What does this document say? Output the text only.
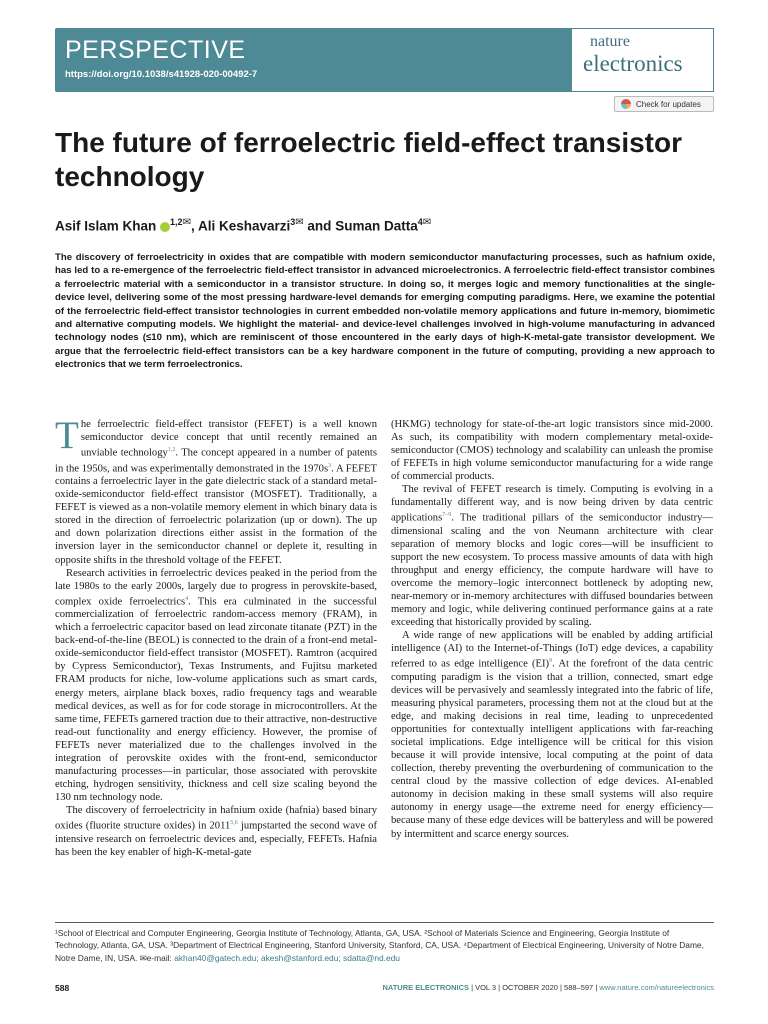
PERSPECTIVE
https://doi.org/10.1038/s41928-020-00492-7
nature
electronics
Check for updates
The future of ferroelectric field-effect transistor technology
Asif Islam Khan $^{1,2✉}$, Ali Keshavarzi$^{3✉}$ and Suman Datta$^{4✉}$

The discovery of ferroelectricity in oxides that are compatible with modern semiconductor manufacturing processes, such as hafnium oxide, has led to a re-emergence of the ferroelectric field-effect transistor in advanced microelectronics. A ferroelectric field-effect transistor combines a ferroelectric material with a semiconductor in a transistor structure. In doing so, it merges logic and memory functionalities at the single-device level, delivering some of the most pressing hardware-level demands for emerging computing paradigms. Here, we examine the potential of the ferroelectric field-effect transistor technologies in current embedded non-volatile memory applications and future in-memory, biomimetic and alternative computing models. We highlight the material- and device-level challenges involved in high-volume manufacturing in advanced technology nodes (≤10 nm), which are reminiscent of those encountered in the early days of high-K-metal-gate transistor development. We argue that the ferroelectric field-effect transistors can be a key hardware component in the future of computing, providing a new approach to electronics that we term ferroelectronics.

The ferroelectric field-effect transistor (FEFET) is a well known semiconductor device concept that until recently remained an unviable technology$^{1,2}$. The concept appeared in a number of patents in the 1950s, and was experimentally demonstrated in the $1970s^3$. A FEFET contains a ferroelectric layer in the gate dielectric stack of a standard metal-oxide-semiconductor field-effect transistor (MOSFET). Traditionally, a FEFET is viewed as a non-volatile memory element in which binary data is stored in the direction of ferroelectric polarization (up or down). The up and down polarization directions either assist in the formation of the inversion layer in the semiconductor channel or deplete it, resulting in opposite shifts in the threshold voltage of the FEFET.

Research activities in ferroelectric devices peaked in the period from the late 1980s to the early 2000s, largely due to progress in perovskite-based, complex oxide ferroelectrics$^4$. This era culminated in the successful commercialization of ferroelectric random-access memory (FRAM), in which a ferroelectric capacitor based on lead zirconate titanate (PZT) in the back-end-of-the-line (BEOL) is connected to the drain of a front-end metal-oxide-semiconductor field-effect transistor (MOSFET). Ramtron (acquired by Cypress Semiconductor), Texas Instruments, and Fujitsu marketed FRAM products for niche, low-volume applications such as smart cards, energy meters, airplane black boxes, radio frequency tags and wearable medical devices, as well as for for code storage in microcontrollers. At the same time, FEFETs garnered traction due to their attractive, non-destructive read-out functionality and energy efficiency. However, the promise of FEFETs never materialized due to the challenges involved in the integration of perovskite oxides with the front-end, semiconductor manufacturing processes—in particular, those associated with perovskite etching, hydrogen sensitivity, thickness and cell size scaling beyond the 130 nm technology node.

The discovery of ferroelectricity in hafnium oxide (hafnia) based binary oxides (fluorite structure oxides) in 2011$^{5,6}$ jumpstarted the second wave of intensive research on ferroelectric devices and, especially, FEFETs. Hafnia has been the key enabler of high-K-metal-gate

(HKMG) technology for state-of-the-art logic transistors since mid-2000. As such, its compatibility with modern complementary metal-oxide-semiconductor (CMOS) technology and scalability can unleash the promise of FEFETs in high volume semiconductor manufacturing for a wide range of commercial products.

The revival of FEFET research is timely. Computing is evolving in a fundamentally different way, and is now being driven by data centric applications$^{7-9}$. The traditional pillars of the semiconductor industry—dimensional scaling and the von Neumann architecture with clear separation of memory blocks and logic cores—will be insufficient to support the new ecosystem. To process massive amounts of data with high throughput and energy efficiency, the compute hardware will have to overcome the memory–logic interconnect bottleneck by adopting new, near-memory or in-memory architectures with diffused boundaries between memory and logic, while delivering continued performance gains at a rate exceeding that historically provided by scaling.

A wide range of new applications will be enabled by adding artificial intelligence (AI) to the Internet-of-Things (IoT) edge devices, a capability referred to as edge intelligence (EI)$^9$. At the forefront of the data centric computing paradigm is the vision that a trillion, connected, smart edge devices will be pervasively and seamlessly integrated into the fabric of life, measuring physical parameters, processing them not at the cloud but at the edge, and making decisions in real time, leading to unprecedented opportunities for contextually intelligent applications with far-reaching societal implications. Edge intelligence will be critical for this vision because it will provide intensive, local computing at the point of data collection, thereby preventing the overburdening of communication to the central cloud by the massive collection of edge devices. AI-enabled autonomy in decision making in these small systems will also require autonomy in energy usage—the extreme need for energy efficiency—because many of these edge devices will be batteryless and will be powered by intermittent and scarce energy sources.

¹School of Electrical and Computer Engineering, Georgia Institute of Technology, Atlanta, GA, USA. ²School of Materials Science and Engineering, Georgia Institute of Technology, Atlanta, GA, USA. ³Department of Electrical Engineering, Stanford University, Stanford, CA, USA. ⁴Department of Electrical Engineering, University of Notre Dame, Notre Dame, IN, USA. ✉e-mail: akhan40@gatech.edu; akesh@stanford.edu; sdatta@nd.edu

588	NATURE ELECTRONICS | VOL 3 | OCTOBER 2020 | 588–597 | www.nature.com/natureelectronics
